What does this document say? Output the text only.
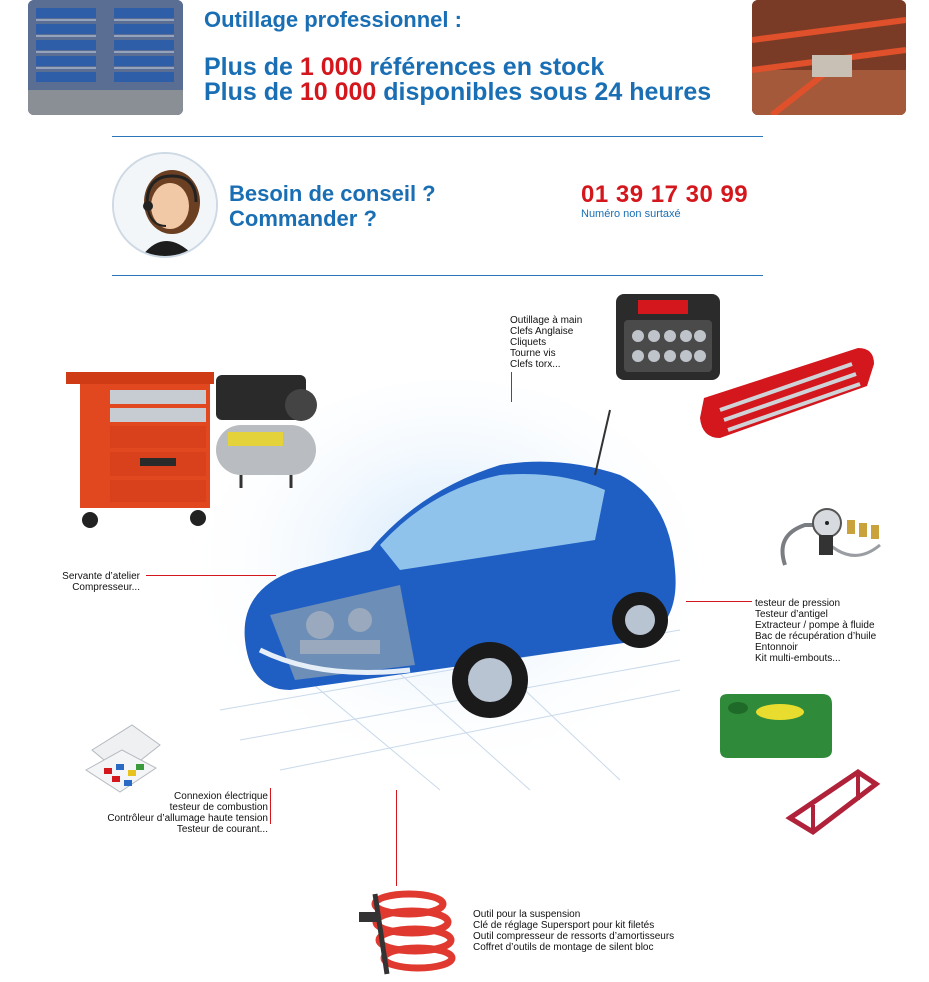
Outillage professionnel :
Plus de 1 000 références en stock
Plus de 10 000 disponibles sous 24 heures
Besoin de conseil ?
Commander ?
01 39 17 30 99
Numéro non surtaxé
Outillage à main
Clefs Anglaise
Cliquets
Tourne vis
Clefs torx...
Servante d’atelier
Compresseur...
testeur de pression
Testeur d’antigel
Extracteur / pompe à fluide
Bac de récupération d’huile
Entonnoir
Kit multi-embouts...
Connexion électrique
testeur de combustion
Contrôleur d’allumage haute tension
Testeur de courant...
Outil pour la suspension
Clé de réglage Supersport pour kit filetés
Outil compresseur de ressorts d’amortisseurs
Coffret d’outils de montage de silent bloc
